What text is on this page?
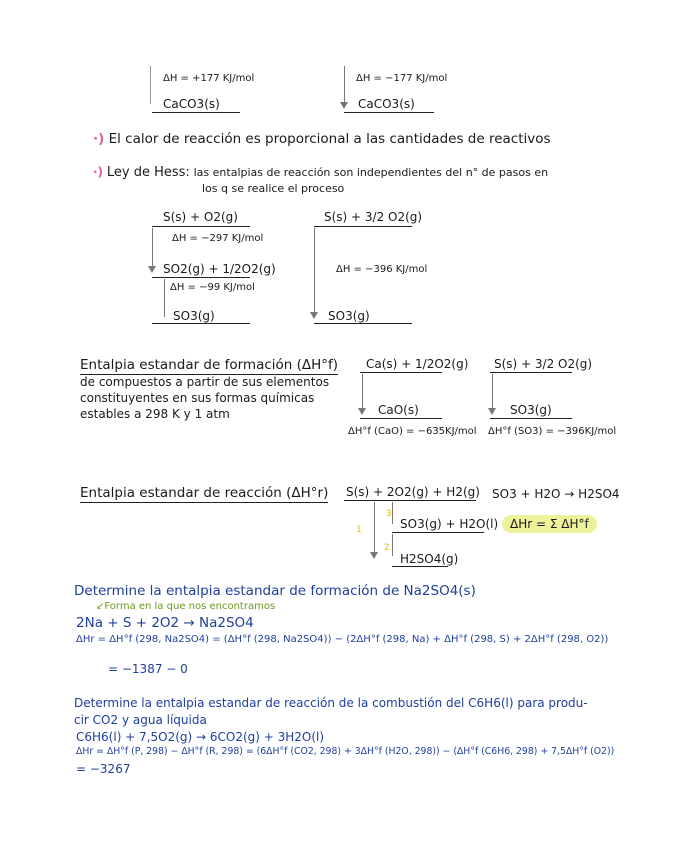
ΔH = +177 KJ/mol
CaCO3(s)
ΔH = −177 KJ/mol
CaCO3(s)
·) El calor de reacción es proporcional a las cantidades de reactivos
·) Ley de Hess: las entalpias de reacción son independientes del n° de pasos en
los q se realice el proceso
S(s) + O2(g)
ΔH = −297 KJ/mol
SO2(g) + 1/2O2(g)
ΔH = −99 KJ/mol
SO3(g)
S(s) + 3/2 O2(g)
ΔH = −396 KJ/mol
SO3(g)
Entalpia estandar de formación (ΔH°f)
de compuestos a partir de sus elementos
constituyentes en sus formas químicas
estables a 298 K y 1 atm
Ca(s) + 1/2O2(g)
CaO(s)
ΔH°f (CaO) = −635KJ/mol
S(s) + 3/2 O2(g)
SO3(g)
ΔH°f (SO3) = −396KJ/mol
Entalpia estandar de reacción (ΔH°r) S(s) + 2O2(g) + H2(g)
1
3
SO3(g) + H2O(l)
2
H2SO4(g)
SO3 + H2O → H2SO4
ΔHr = Σ ΔH°f
Determine la entalpia estandar de formación de Na2SO4(s)
↙Forma en la que nos encontramos
2Na + S + 2O2 → Na2SO4
ΔHr = ΔH°f (298, Na2SO4) = (ΔH°f (298, Na2SO4)) − (2ΔH°f (298, Na) + ΔH°f (298, S) + 2ΔH°f (298, O2))
= −1387 − 0
Determine la entalpia estandar de reacción de la combustión del C6H6(l) para produ-
cir CO2 y agua líquida
C6H6(l) + 7,5O2(g) → 6CO2(g) + 3H2O(l)
ΔHr = ΔH°f (P, 298) − ΔH°f (R, 298) = (6ΔH°f (CO2, 298) + 3ΔH°f (H2O, 298)) − (ΔH°f (C6H6, 298) + 7,5ΔH°f (O2))
= −3267
